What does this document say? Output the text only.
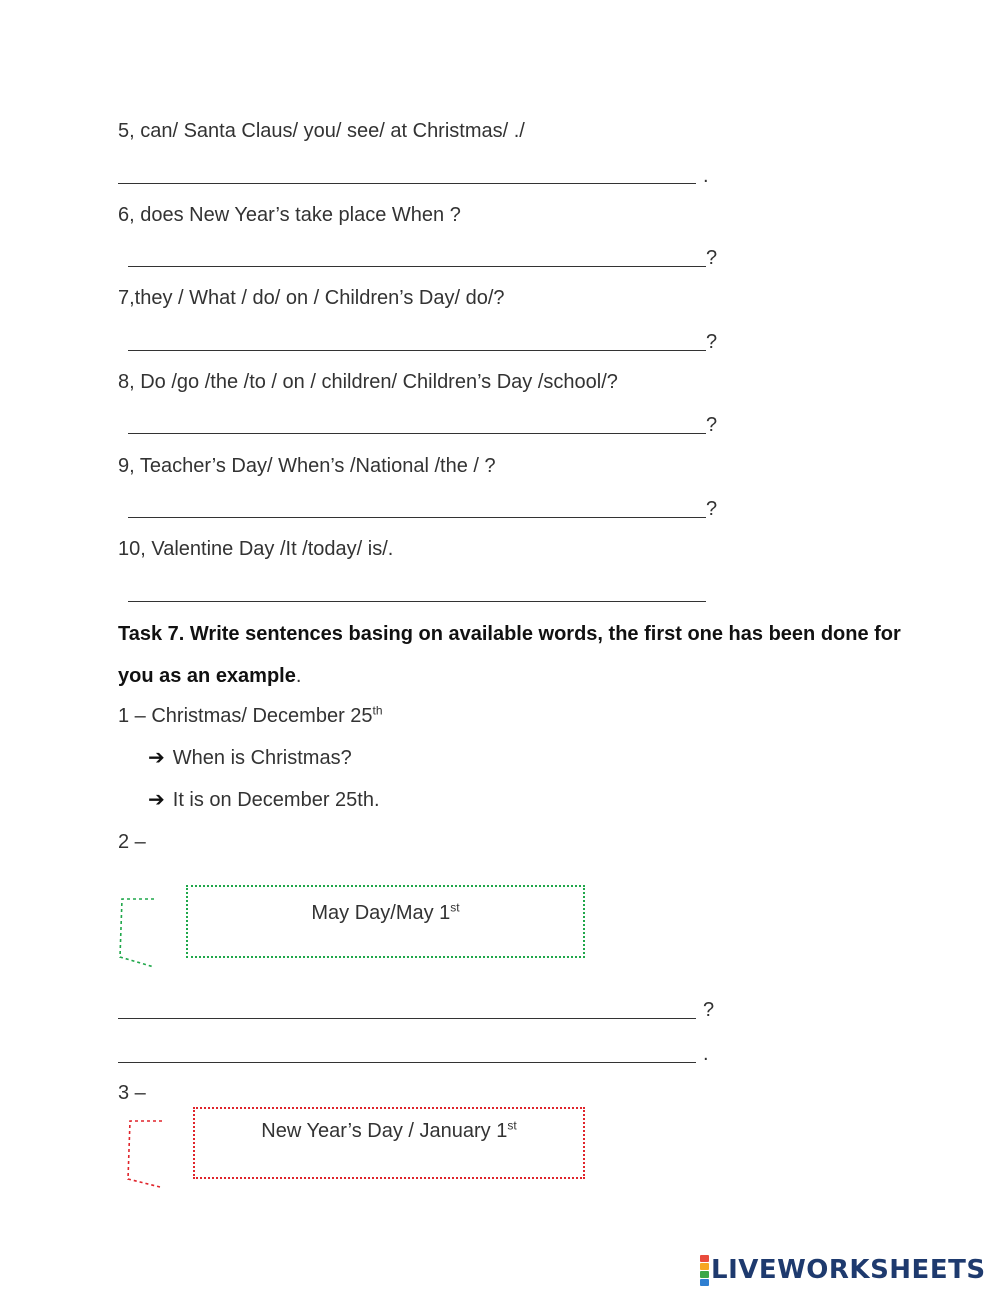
5, can/ Santa Claus/ you/ see/ at Christmas/ ./
.
6, does New Year’s take place When ?
?
7,they / What / do/ on / Children’s Day/ do/?
?
8, Do /go /the /to / on / children/ Children’s Day /school/?
?
9, Teacher’s Day/ When’s /National /the / ?
?
10, Valentine Day /It /today/ is/.
Task 7. Write sentences basing on available words, the first one has been done for
you as an example.
1 – Christmas/ December 25th
➔ When is Christmas?
➔ It is on December 25th.
2 –
May Day/May 1st
?
.
3 –
New Year’s Day / January 1st
LIVEWORKSHEETS
